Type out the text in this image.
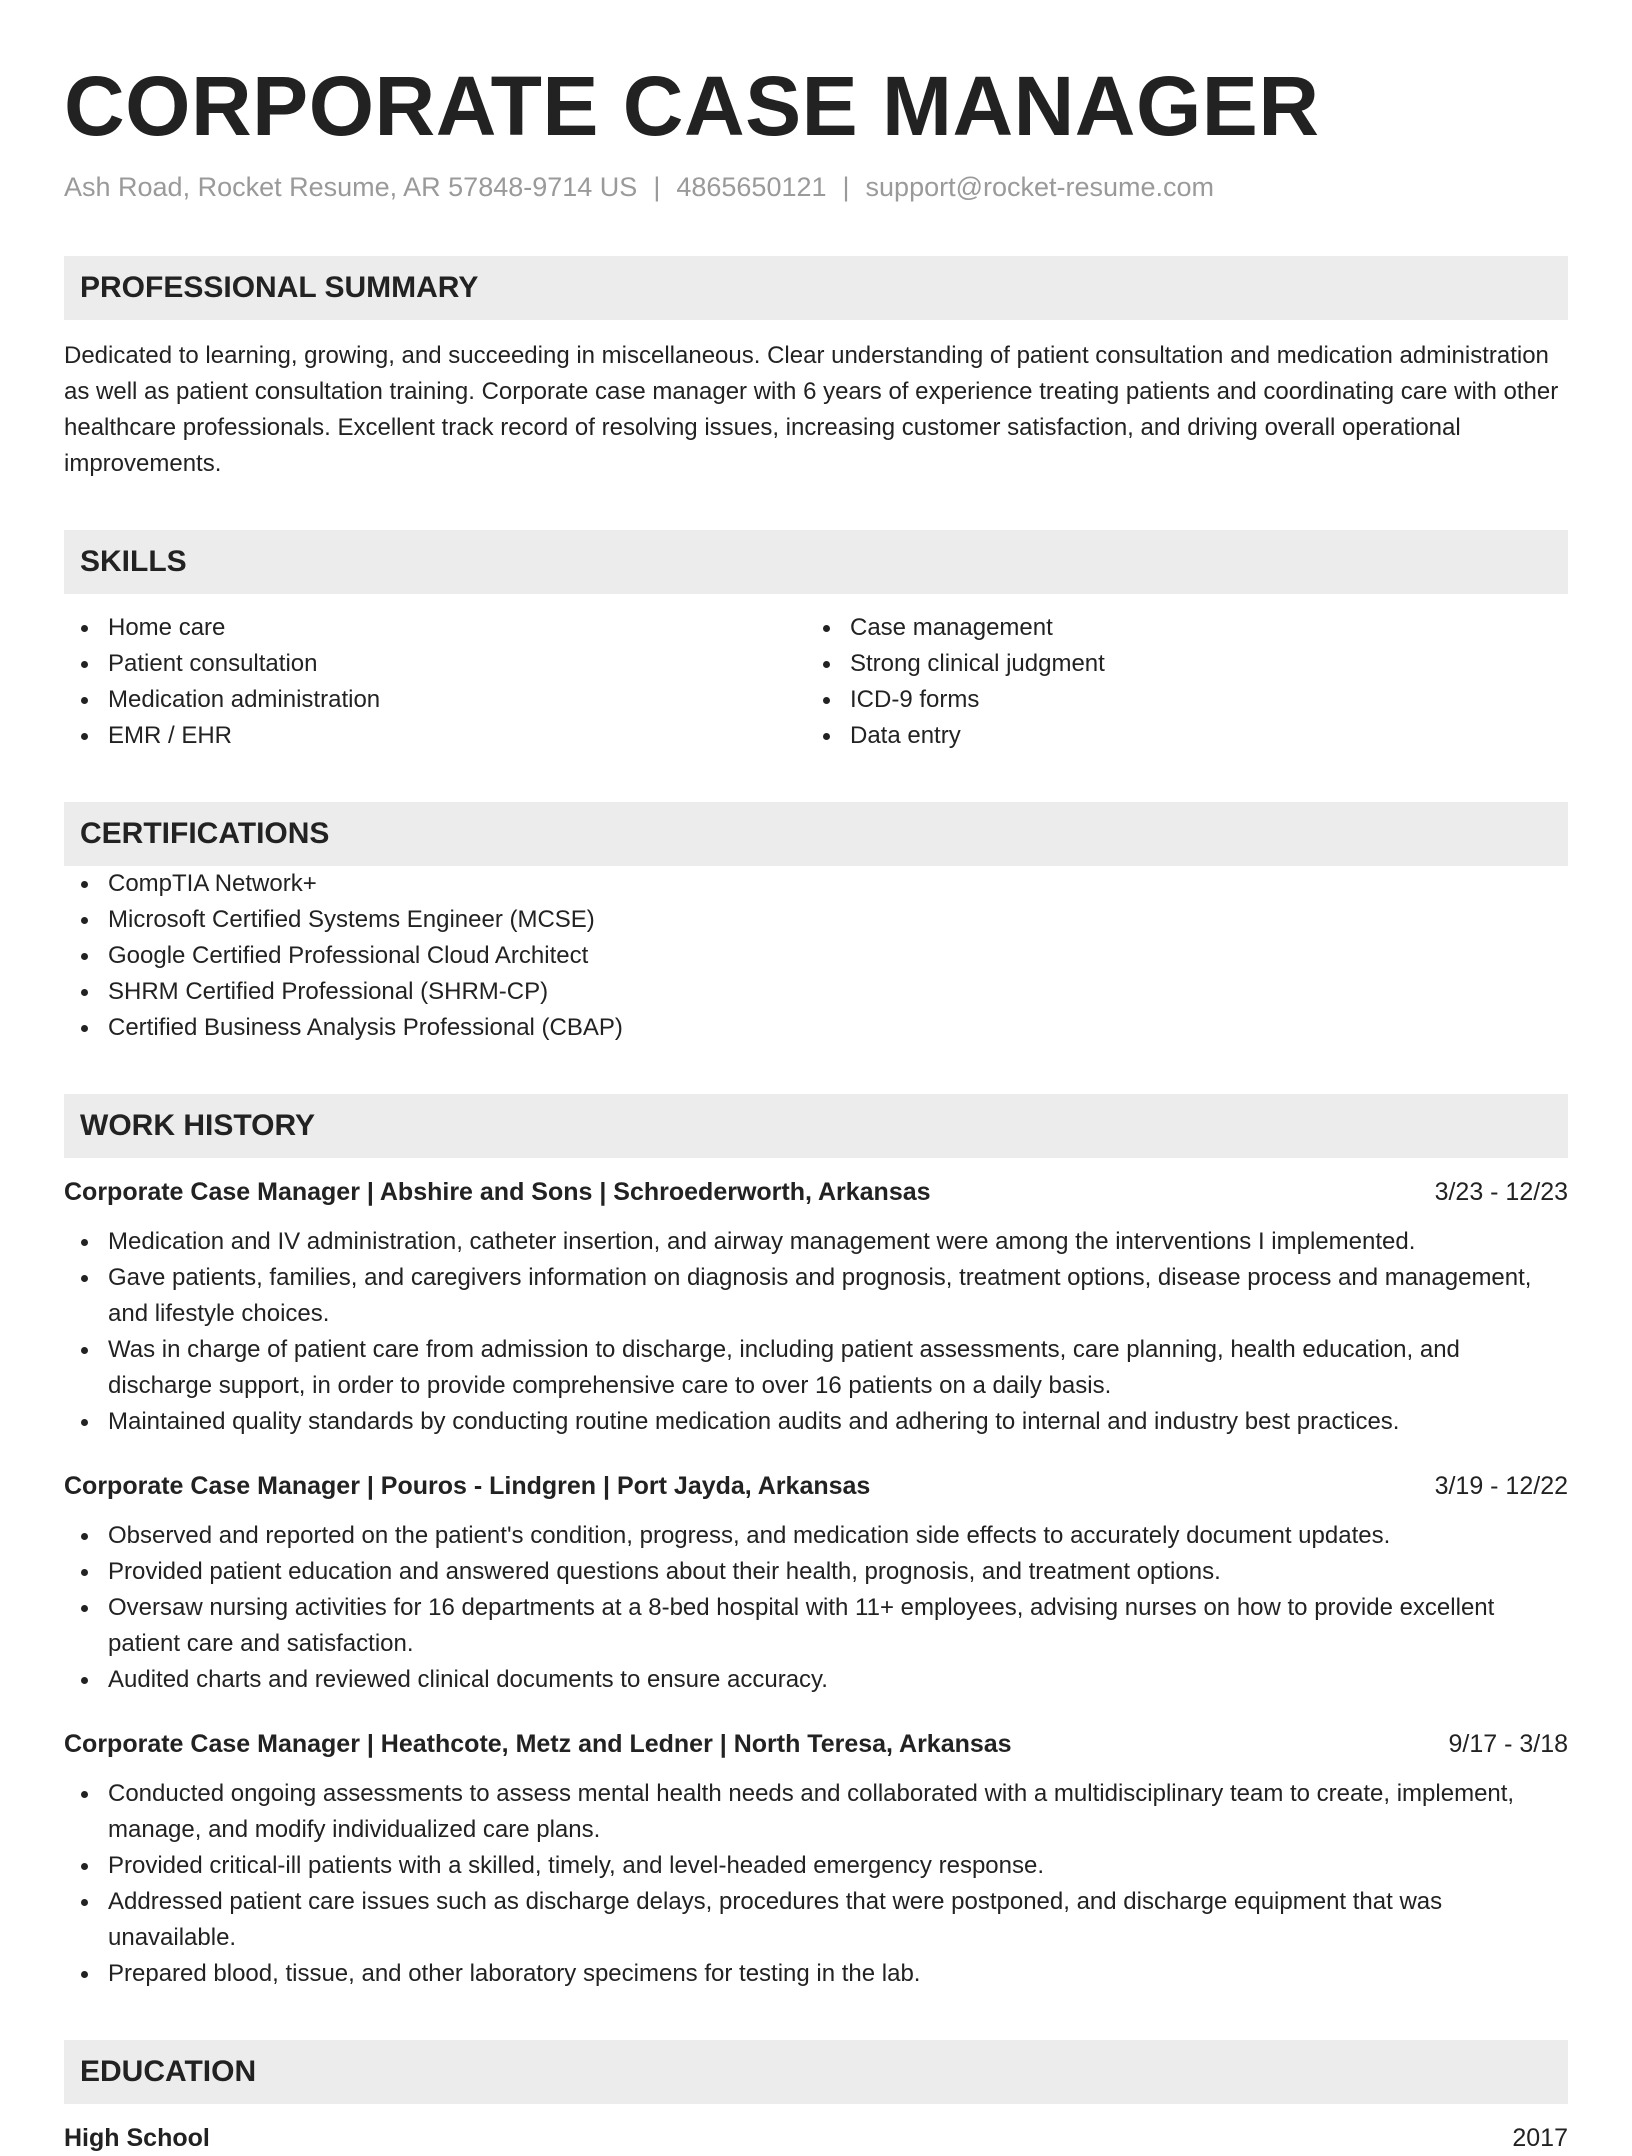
CORPORATE CASE MANAGER
Ash Road, Rocket Resume, AR 57848-9714 US | 4865650121 | support@rocket-resume.com
PROFESSIONAL SUMMARY

Dedicated to learning, growing, and succeeding in miscellaneous. Clear understanding of patient consultation and medication administration as well as patient consultation training. Corporate case manager with 6 years of experience treating patients and coordinating care with other healthcare professionals. Excellent track record of resolving issues, increasing customer satisfaction, and driving overall operational improvements.

SKILLS
Home care
Patient consultation
Medication administration
EMR / EHR
Case management
Strong clinical judgment
ICD-9 forms
Data entry
CERTIFICATIONS
CompTIA Network+
Microsoft Certified Systems Engineer (MCSE)
Google Certified Professional Cloud Architect
SHRM Certified Professional (SHRM-CP)
Certified Business Analysis Professional (CBAP)
WORK HISTORY
Corporate Case Manager | Abshire and Sons | Schroederworth, Arkansas	3/23 - 12/23
Medication and IV administration, catheter insertion, and airway management were among the interventions I implemented.
Gave patients, families, and caregivers information on diagnosis and prognosis, treatment options, disease process and management, and lifestyle choices.
Was in charge of patient care from admission to discharge, including patient assessments, care planning, health education, and discharge support, in order to provide comprehensive care to over 16 patients on a daily basis.
Maintained quality standards by conducting routine medication audits and adhering to internal and industry best practices.
Corporate Case Manager | Pouros - Lindgren | Port Jayda, Arkansas	3/19 - 12/22
Observed and reported on the patient's condition, progress, and medication side effects to accurately document updates.
Provided patient education and answered questions about their health, prognosis, and treatment options.
Oversaw nursing activities for 16 departments at a 8-bed hospital with 11+ employees, advising nurses on how to provide excellent patient care and satisfaction.
Audited charts and reviewed clinical documents to ensure accuracy.
Corporate Case Manager | Heathcote, Metz and Ledner | North Teresa, Arkansas	9/17 - 3/18
Conducted ongoing assessments to assess mental health needs and collaborated with a multidisciplinary team to create, implement, manage, and modify individualized care plans.
Provided critical-ill patients with a skilled, timely, and level-headed emergency response.
Addressed patient care issues such as discharge delays, procedures that were postponed, and discharge equipment that was unavailable.
Prepared blood, tissue, and other laboratory specimens for testing in the lab.
EDUCATION
High School	2017
